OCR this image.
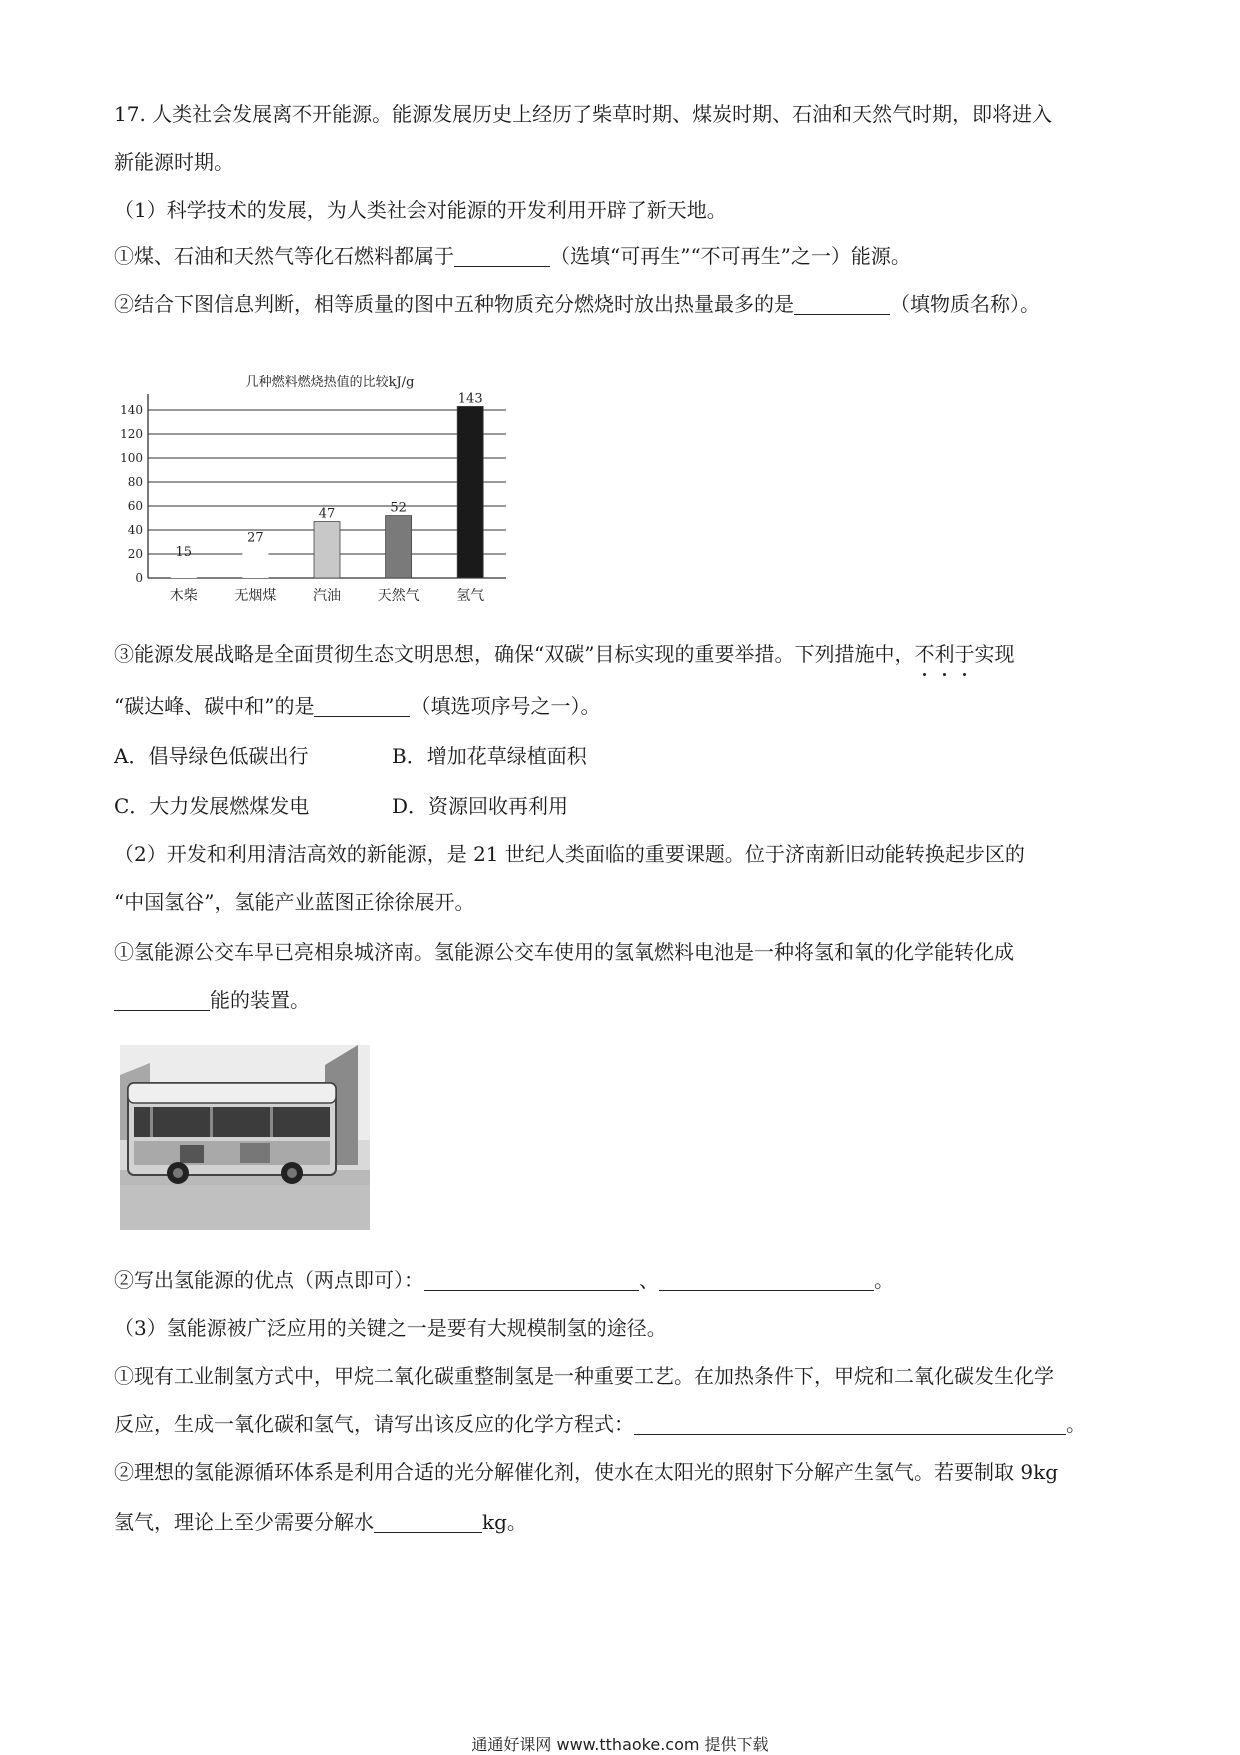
17. 人类社会发展离不开能源。能源发展历史上经历了柴草时期、煤炭时期、石油和天然气时期，即将进入
新能源时期。
（1）科学技术的发展，为人类社会对能源的开发利用开辟了新天地。
①煤、石油和天然气等化石燃料都属于	（选填“可再生”“不可再生”之一）能源。
②结合下图信息判断，相等质量的图中五种物质充分燃烧时放出热量最多的是	（填物质名称）。
几种燃料燃烧热值的比较kJ/g
0
20
40
60
80
100
120
140
15
木柴
27
无烟煤
47
汽油
52
天然气
143
氢气
③能源发展战略是全面贯彻生态文明思想，确保“双碳”目标实现的重要举措。下列措施中，不利于实现
“碳达峰、碳中和”的是	（填选项序号之一）。
A．倡导绿色低碳出行	B．增加花草绿植面积
C．大力发展燃煤发电	D．资源回收再利用
（2）开发和利用清洁高效的新能源，是 21 世纪人类面临的重要课题。位于济南新旧动能转换起步区的
“中国氢谷”，氢能产业蓝图正徐徐展开。
①氢能源公交车早已亮相泉城济南。氢能源公交车使用的氢氧燃料电池是一种将氢和氧的化学能转化成
能的装置。
②写出氢能源的优点（两点即可）：	、	。
（3）氢能源被广泛应用的关键之一是要有大规模制氢的途径。
①现有工业制氢方式中，甲烷二氧化碳重整制氢是一种重要工艺。在加热条件下，甲烷和二氧化碳发生化学
反应，生成一氧化碳和氢气，请写出该反应的化学方程式：	。
②理想的氢能源循环体系是利用合适的光分解催化剂，使水在太阳光的照射下分解产生氢气。若要制取 9kg
氢气，理论上至少需要分解水	kg。
通通好课网 www.tthaoke.com 提供下载
